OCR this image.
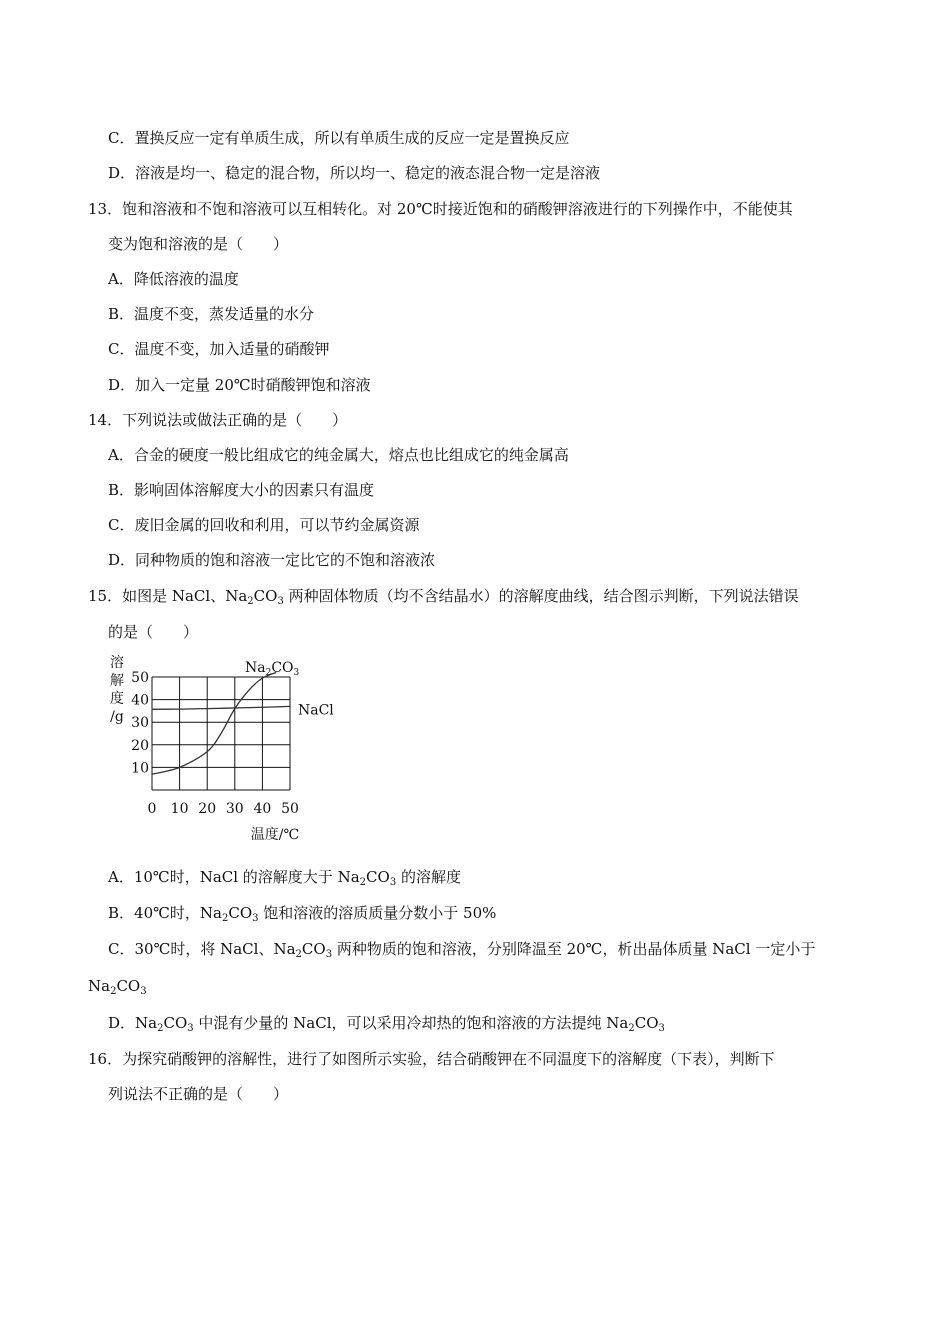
C．置换反应一定有单质生成，所以有单质生成的反应一定是置换反应
D．溶液是均一、稳定的混合物，所以均一、稳定的液态混合物一定是溶液
13．饱和溶液和不饱和溶液可以互相转化。对 20℃时接近饱和的硝酸钾溶液进行的下列操作中，不能使其
变为饱和溶液的是（　　）
A．降低溶液的温度
B．温度不变，蒸发适量的水分
C．温度不变，加入适量的硝酸钾
D．加入一定量 20℃时硝酸钾饱和溶液
14．下列说法或做法正确的是（　　）
A．合金的硬度一般比组成它的纯金属大，熔点也比组成它的纯金属高
B．影响固体溶解度大小的因素只有温度
C．废旧金属的回收和利用，可以节约金属资源
D．同种物质的饱和溶液一定比它的不饱和溶液浓
15．如图是 NaCl、$Na_2CO_3$ 两种固体物质（均不含结晶水）的溶解度曲线，结合图示判断，下列说法错误
的是（　　）
溶
解
度
/g
0 10 20 30 40 50
10
20
30
40
50
$Na_2CO_3$
NaCl
温度/℃
A．10℃时，NaCl 的溶解度大于 $Na_2CO_3$ 的溶解度
B．40℃时，$Na_2CO_3$ 饱和溶液的溶质质量分数小于 50%
C．30℃时，将 NaCl、$Na_2CO_3$ 两种物质的饱和溶液，分别降温至 20℃，析出晶体质量 NaCl 一定小于
$Na_2CO_3$
D．$Na_2CO_3$ 中混有少量的 NaCl，可以采用冷却热的饱和溶液的方法提纯 $Na_2CO_3$
16．为探究硝酸钾的溶解性，进行了如图所示实验，结合硝酸钾在不同温度下的溶解度（下表），判断下
列说法不正确的是（　　）
